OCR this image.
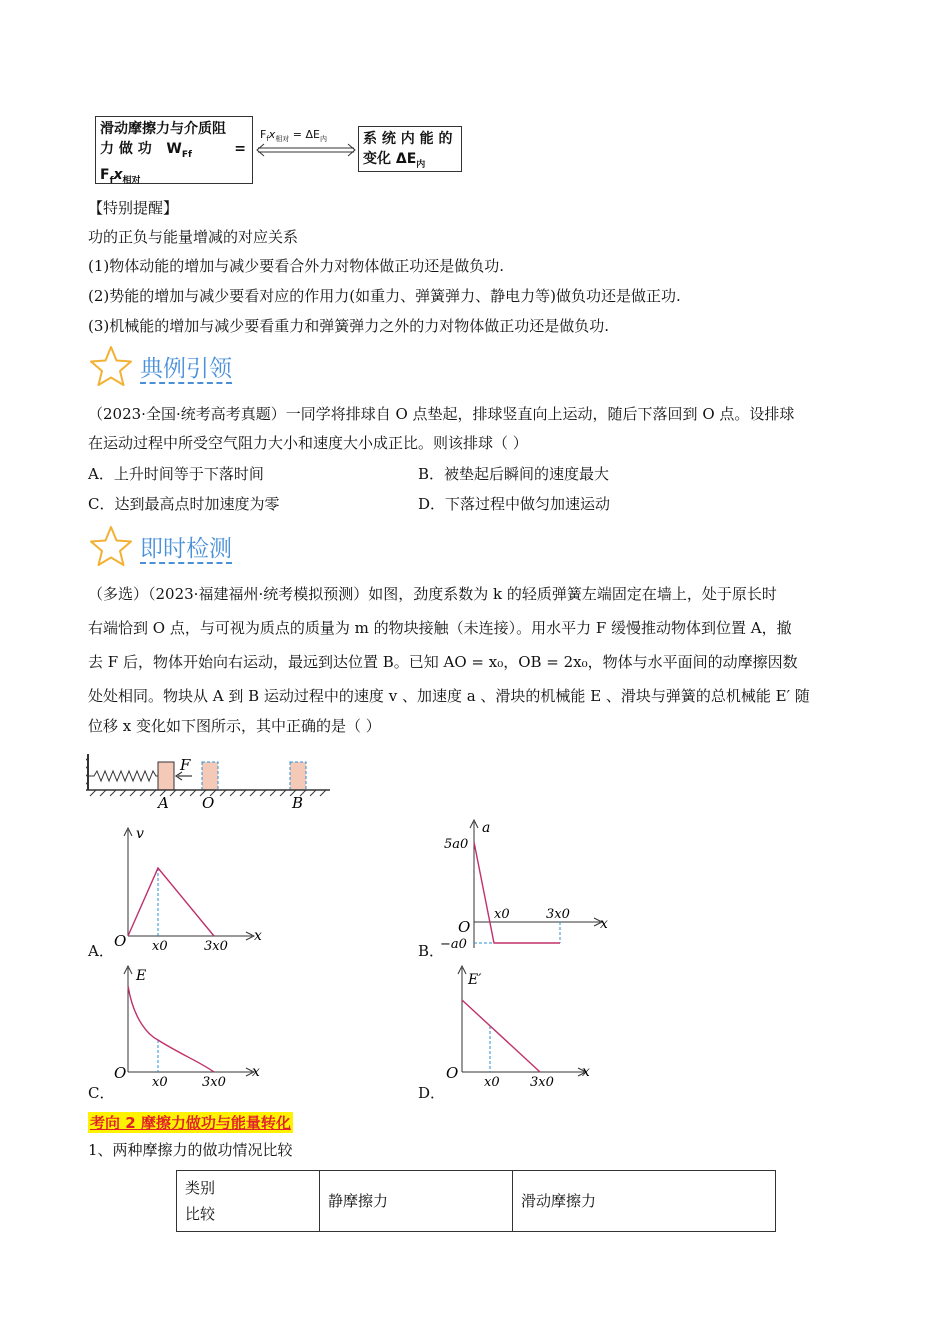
滑动摩擦力与介质阻
力 做 功   $W_{Ff}$	=
$F_fx_{相对}$
$F_fx_{相对} = \Delta E_内$	系 统 内 能 的
变化 $\Delta E_内$
【特别提醒】
功的正负与能量增减的对应关系
(1)物体动能的增加与减少要看合外力对物体做正功还是做负功.
(2)势能的增加与减少要看对应的作用力(如重力、弹簧弹力、静电力等)做负功还是做正功.
(3)机械能的增加与减少要看重力和弹簧弹力之外的力对物体做正功还是做负功.
典例引领
（2023·全国·统考高考真题）一同学将排球自 O 点垫起，排球竖直向上运动，随后下落回到 O 点。设排球
在运动过程中所受空气阻力大小和速度大小成正比。则该排球（ ）
A．上升时间等于下落时间	B．被垫起后瞬间的速度最大
C．达到最高点时加速度为零	D．下落过程中做匀加速运动
即时检测
（多选）（2023·福建福州·统考模拟预测）如图，劲度系数为 k 的轻质弹簧左端固定在墙上，处于原长时
右端恰到 O 点，与可视为质点的质量为 m 的物块接触（未连接）。用水平力 F 缓慢推动物体到位置 A，撤
去 F 后，物体开始向右运动，最远到达位置 B。已知 AO = x₀，OB = 2x₀，物体与水平面间的动摩擦因数
处处相同。物块从 A 到 B 运动过程中的速度 v 、加速度 a 、滑块的机械能 E 、滑块与弹簧的总机械能 E′ 随
位移 x 变化如下图所示，其中正确的是（ ）
F
A O	B
A．
v
O x0	3x0
x
B．
a
5a0
O
x0	3x0
−a0
x
C．
E
O
x0	3x0
x
D．
E′
O
x0 3x0
x
考向 2 摩擦力做功与能量转化
1、两种摩擦力的做功情况比较
类别
比较
	静摩擦力	滑动摩擦力
